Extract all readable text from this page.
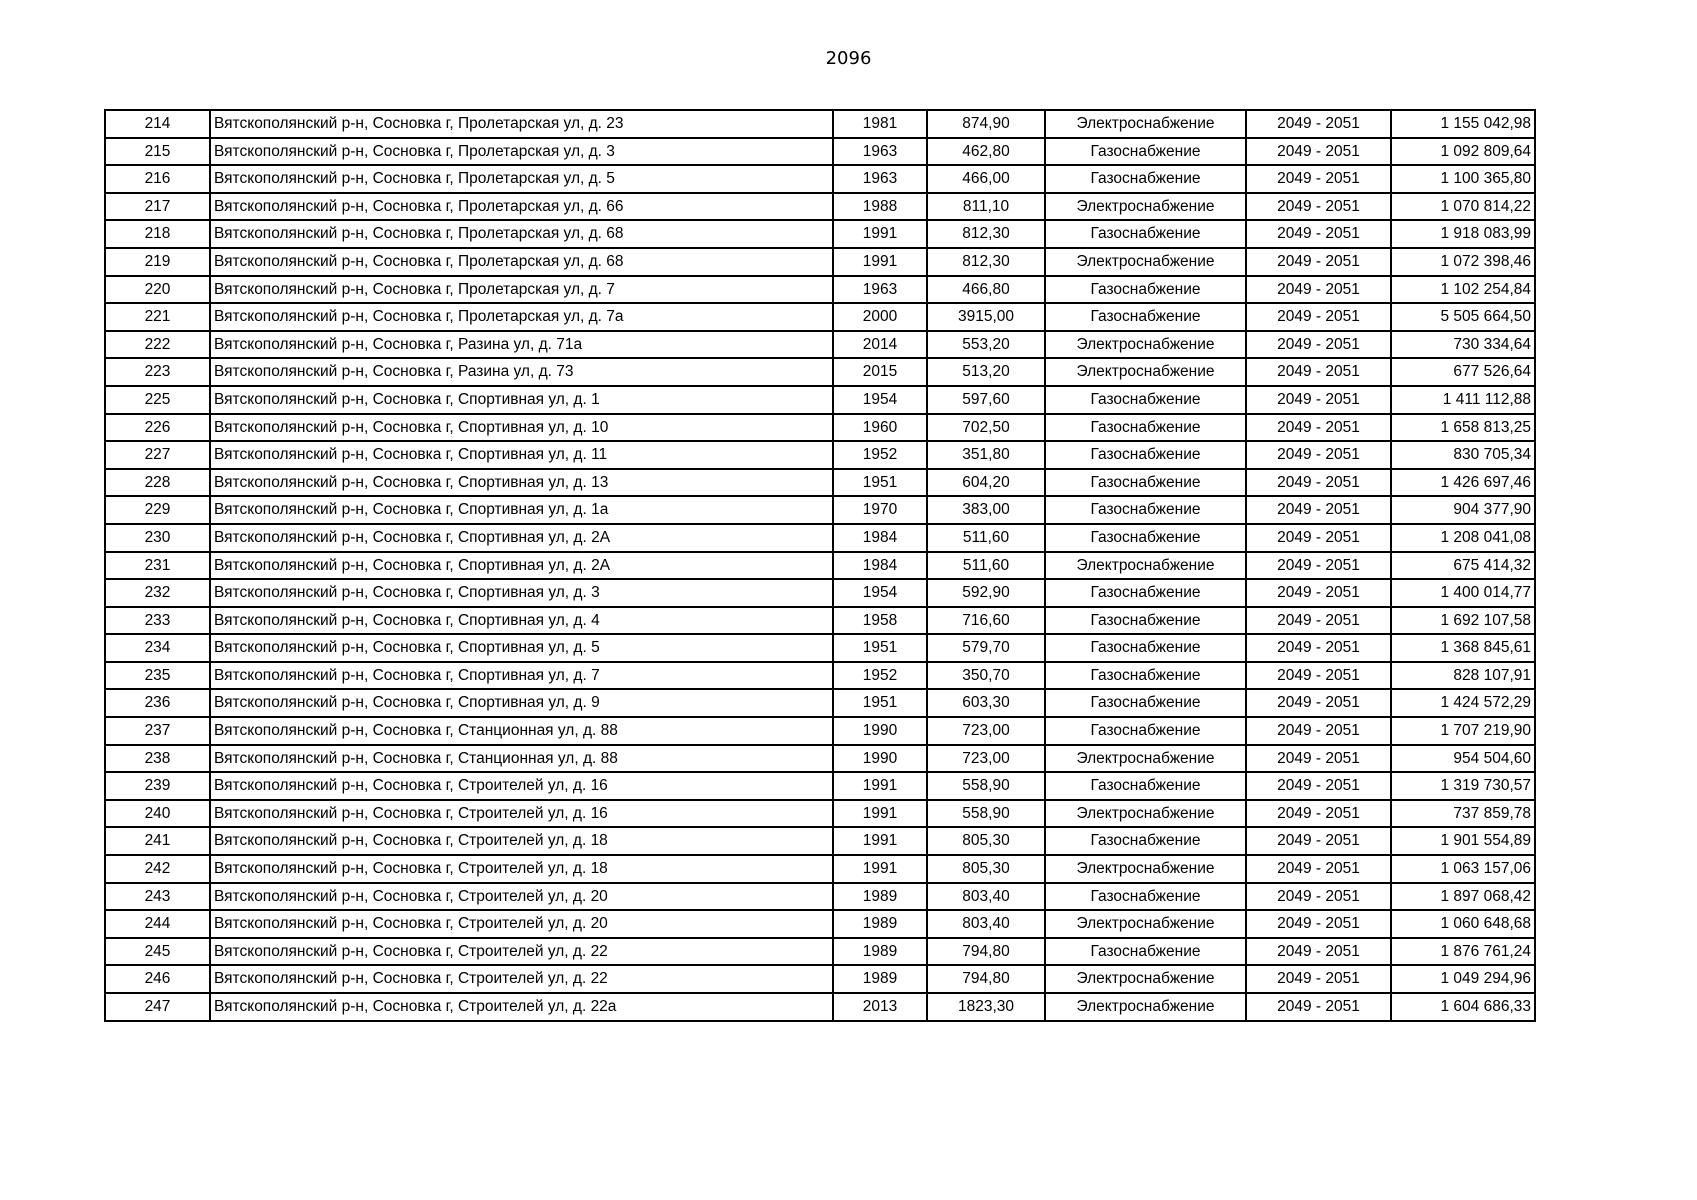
2096
214	Вятскополянский р-н, Сосновка г, Пролетарская ул, д. 23	1981	874,90	Электроснабжение	2049 - 2051	1 155 042,98
215	Вятскополянский р-н, Сосновка г, Пролетарская ул, д. 3	1963	462,80	Газоснабжение	2049 - 2051	1 092 809,64
216	Вятскополянский р-н, Сосновка г, Пролетарская ул, д. 5	1963	466,00	Газоснабжение	2049 - 2051	1 100 365,80
217	Вятскополянский р-н, Сосновка г, Пролетарская ул, д. 66	1988	811,10	Электроснабжение	2049 - 2051	1 070 814,22
218	Вятскополянский р-н, Сосновка г, Пролетарская ул, д. 68	1991	812,30	Газоснабжение	2049 - 2051	1 918 083,99
219	Вятскополянский р-н, Сосновка г, Пролетарская ул, д. 68	1991	812,30	Электроснабжение	2049 - 2051	1 072 398,46
220	Вятскополянский р-н, Сосновка г, Пролетарская ул, д. 7	1963	466,80	Газоснабжение	2049 - 2051	1 102 254,84
221	Вятскополянский р-н, Сосновка г, Пролетарская ул, д. 7а	2000	3915,00	Газоснабжение	2049 - 2051	5 505 664,50
222	Вятскополянский р-н, Сосновка г, Разина ул, д. 71а	2014	553,20	Электроснабжение	2049 - 2051	730 334,64
223	Вятскополянский р-н, Сосновка г, Разина ул, д. 73	2015	513,20	Электроснабжение	2049 - 2051	677 526,64
225	Вятскополянский р-н, Сосновка г, Спортивная ул, д. 1	1954	597,60	Газоснабжение	2049 - 2051	1 411 112,88
226	Вятскополянский р-н, Сосновка г, Спортивная ул, д. 10	1960	702,50	Газоснабжение	2049 - 2051	1 658 813,25
227	Вятскополянский р-н, Сосновка г, Спортивная ул, д. 11	1952	351,80	Газоснабжение	2049 - 2051	830 705,34
228	Вятскополянский р-н, Сосновка г, Спортивная ул, д. 13	1951	604,20	Газоснабжение	2049 - 2051	1 426 697,46
229	Вятскополянский р-н, Сосновка г, Спортивная ул, д. 1а	1970	383,00	Газоснабжение	2049 - 2051	904 377,90
230	Вятскополянский р-н, Сосновка г, Спортивная ул, д. 2А	1984	511,60	Газоснабжение	2049 - 2051	1 208 041,08
231	Вятскополянский р-н, Сосновка г, Спортивная ул, д. 2А	1984	511,60	Электроснабжение	2049 - 2051	675 414,32
232	Вятскополянский р-н, Сосновка г, Спортивная ул, д. 3	1954	592,90	Газоснабжение	2049 - 2051	1 400 014,77
233	Вятскополянский р-н, Сосновка г, Спортивная ул, д. 4	1958	716,60	Газоснабжение	2049 - 2051	1 692 107,58
234	Вятскополянский р-н, Сосновка г, Спортивная ул, д. 5	1951	579,70	Газоснабжение	2049 - 2051	1 368 845,61
235	Вятскополянский р-н, Сосновка г, Спортивная ул, д. 7	1952	350,70	Газоснабжение	2049 - 2051	828 107,91
236	Вятскополянский р-н, Сосновка г, Спортивная ул, д. 9	1951	603,30	Газоснабжение	2049 - 2051	1 424 572,29
237	Вятскополянский р-н, Сосновка г, Станционная ул, д. 88	1990	723,00	Газоснабжение	2049 - 2051	1 707 219,90
238	Вятскополянский р-н, Сосновка г, Станционная ул, д. 88	1990	723,00	Электроснабжение	2049 - 2051	954 504,60
239	Вятскополянский р-н, Сосновка г, Строителей ул, д. 16	1991	558,90	Газоснабжение	2049 - 2051	1 319 730,57
240	Вятскополянский р-н, Сосновка г, Строителей ул, д. 16	1991	558,90	Электроснабжение	2049 - 2051	737 859,78
241	Вятскополянский р-н, Сосновка г, Строителей ул, д. 18	1991	805,30	Газоснабжение	2049 - 2051	1 901 554,89
242	Вятскополянский р-н, Сосновка г, Строителей ул, д. 18	1991	805,30	Электроснабжение	2049 - 2051	1 063 157,06
243	Вятскополянский р-н, Сосновка г, Строителей ул, д. 20	1989	803,40	Газоснабжение	2049 - 2051	1 897 068,42
244	Вятскополянский р-н, Сосновка г, Строителей ул, д. 20	1989	803,40	Электроснабжение	2049 - 2051	1 060 648,68
245	Вятскополянский р-н, Сосновка г, Строителей ул, д. 22	1989	794,80	Газоснабжение	2049 - 2051	1 876 761,24
246	Вятскополянский р-н, Сосновка г, Строителей ул, д. 22	1989	794,80	Электроснабжение	2049 - 2051	1 049 294,96
247	Вятскополянский р-н, Сосновка г, Строителей ул, д. 22а	2013	1823,30	Электроснабжение	2049 - 2051	1 604 686,33
